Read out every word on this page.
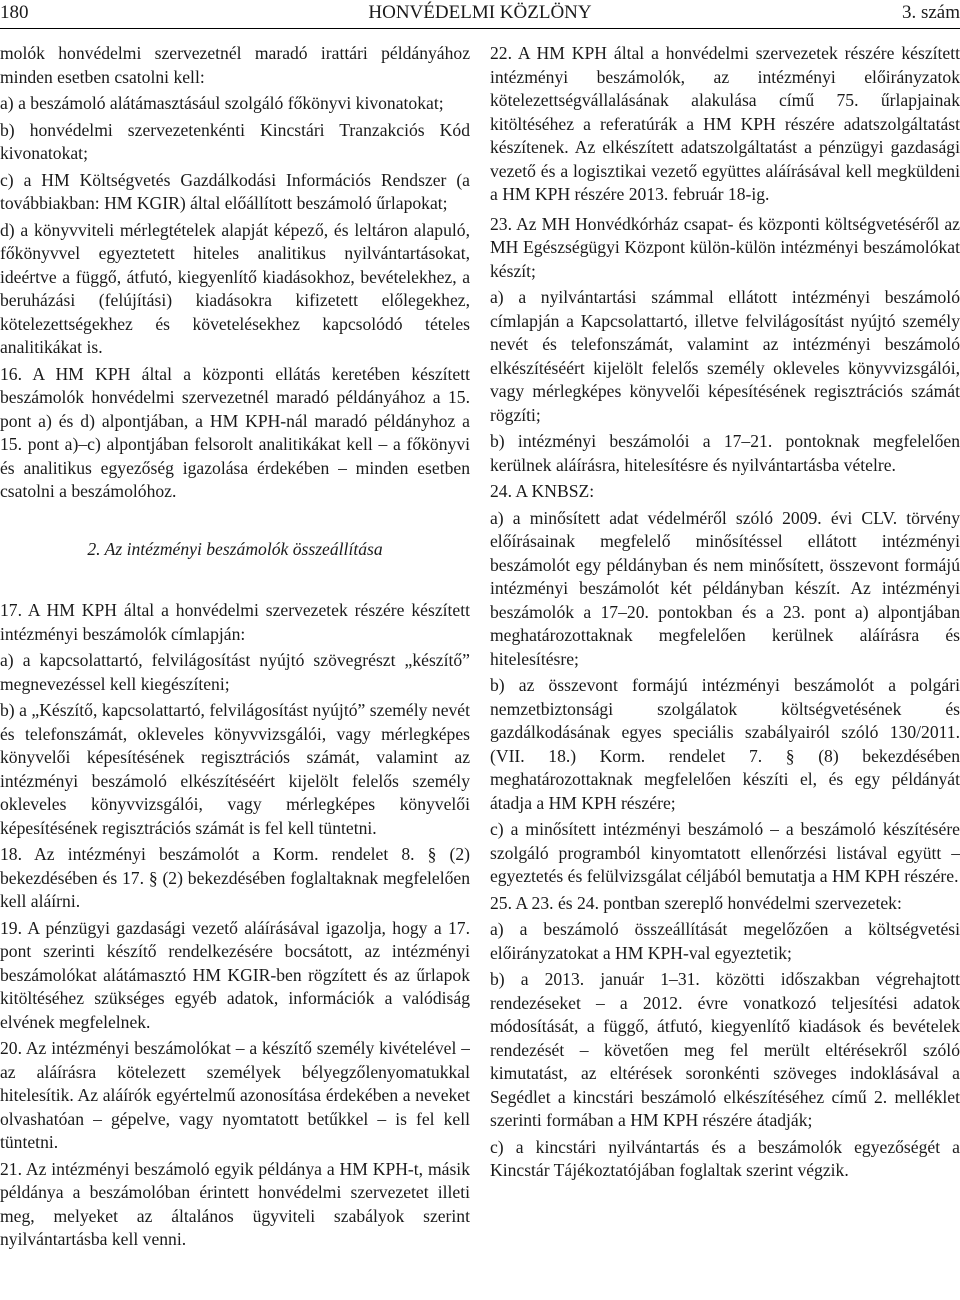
180	HONVÉDELMI KÖZLÖNY	3. szám

molók honvédelmi szervezetnél maradó irattári példányához minden esetben csatolni kell:

a) a beszámoló alátámasztásául szolgáló főkönyvi kivonatokat;

b) honvédelmi szervezetenkénti Kincstári Tranzakciós Kód kivonatokat;

c) a HM Költségvetés Gazdálkodási Információs Rendszer (a továbbiakban: HM KGIR) által előállított beszámoló űrlapokat;

d) a könyvviteli mérlegtételek alapját képező, és leltáron alapuló, főkönyvvel egyeztetett hiteles analitikus nyilvántartásokat, ideértve a függő, átfutó, kiegyenlítő kiadásokhoz, bevételekhez, a beruházási (felújítási) kiadásokra kifizetett előlegekhez, kötelezettségekhez és követelésekhez kapcsolódó tételes analitikákat is.

16. A HM KPH által a központi ellátás keretében készített beszámolók honvédelmi szervezetnél maradó példányához a 15. pont a) és d) alpontjában, a HM KPH-nál maradó példányhoz a 15. pont a)–c) alpontjában felsorolt analitikákat kell – a főkönyvi és analitikus egyezőség igazolása érdekében – minden esetben csatolni a beszámolóhoz.

2. Az intézményi beszámolók összeállítása

17. A HM KPH által a honvédelmi szervezetek részére készített intézményi beszámolók címlapján:

a) a kapcsolattartó, felvilágosítást nyújtó szövegrészt „készítő” megnevezéssel kell kiegészíteni;

b) a „Készítő, kapcsolattartó, felvilágosítást nyújtó” személy nevét és telefonszámát, okleveles könyvvizsgálói, vagy mérlegképes könyvelői képesítésének regisztrációs számát, valamint az intézményi beszámoló elkészítéséért kijelölt felelős személy okleveles könyvvizsgálói, vagy mérlegképes könyvelői képesítésének regisztrációs számát is fel kell tüntetni.

18. Az intézményi beszámolót a Korm. rendelet 8. § (2) bekezdésében és 17. § (2) bekezdésében foglaltaknak megfelelően kell aláírni.

19. A pénzügyi gazdasági vezető aláírásával igazolja, hogy a 17. pont szerinti készítő rendelkezésére bocsátott, az intézményi beszámolókat alátámasztó HM KGIR-ben rögzített és az űrlapok kitöltéséhez szükséges egyéb adatok, információk a valódiság elvének megfelelnek.

20. Az intézményi beszámolókat – a készítő személy kivételével – az aláírásra kötelezett személyek bélyegzőlenyomatukkal hitelesítik. Az aláírók egyértelmű azonosítása érdekében a neveket olvashatóan – gépelve, vagy nyomtatott betűkkel – is fel kell tüntetni.

21. Az intézményi beszámoló egyik példánya a HM KPH-t, másik példánya a beszámolóban érintett honvédelmi szervezetet illeti meg, melyeket az általános ügyviteli szabályok szerint nyilvántartásba kell venni.

22. A HM KPH által a honvédelmi szervezetek részére készített intézményi beszámolók, az intézményi előirányzatok kötelezettségvállalásának alakulása című 75. űrlapjainak kitöltéséhez a referatúrák a HM KPH részére adatszolgáltatást készítenek. Az elkészített adatszolgáltatást a pénzügyi gazdasági vezető és a logisztikai vezető együttes aláírásával kell megküldeni a HM KPH részére 2013. február 18-ig.

23. Az MH Honvédkórház csapat- és központi költségvetéséről az MH Egészségügyi Központ külön-külön intézményi beszámolókat készít;

a) a nyilvántartási számmal ellátott intézményi beszámoló címlapján a Kapcsolattartó, illetve felvilágosítást nyújtó személy nevét és telefonszámát, valamint az intézményi beszámoló elkészítéséért kijelölt felelős személy okleveles könyvvizsgálói, vagy mérlegképes könyvelői képesítésének regisztrációs számát rögzíti;

b) intézményi beszámolói a 17–21. pontoknak megfelelően kerülnek aláírásra, hitelesítésre és nyilvántartásba vételre.

24. A KNBSZ:

a) a minősített adat védelméről szóló 2009. évi CLV. törvény előírásainak megfelelő minősítéssel ellátott intézményi beszámolót egy példányban és nem minősített, összevont formájú intézményi beszámolót két példányban készít. Az intézményi beszámolók a 17–20. pontokban és a 23. pont a) alpontjában meghatározottaknak megfelelően kerülnek aláírásra és hitelesítésre;

b) az összevont formájú intézményi beszámolót a polgári nemzetbiztonsági szolgálatok költségvetésének és gazdálkodásának egyes speciális szabályairól szóló 130/2011. (VII. 18.) Korm. rendelet 7. § (8) bekezdésében meghatározottaknak megfelelően készíti el, és egy példányát átadja a HM KPH részére;

c) a minősített intézményi beszámoló – a beszámoló készítésére szolgáló programból kinyomtatott ellenőrzési listával együtt – egyeztetés és felülvizsgálat céljából bemutatja a HM KPH részére.

25. A 23. és 24. pontban szereplő honvédelmi szervezetek:

a) a beszámoló összeállítását megelőzően a költségvetési előirányzatokat a HM KPH-val egyeztetik;

b) a 2013. január 1–31. közötti időszakban végrehajtott rendezéseket – a 2012. évre vonatkozó teljesítési adatok módosítását, a függő, átfutó, kiegyenlítő kiadások és bevételek rendezését – követően meg fel merült eltérésekről szóló kimutatást, az eltérések soronkénti szöveges indoklásával a Segédlet a kincstári beszámoló elkészítéséhez című 2. melléklet szerinti formában a HM KPH részére átadják;

c) a kincstári nyilvántartás és a beszámolók egyezőségét a Kincstár Tájékoztatójában foglaltak szerint végzik.
